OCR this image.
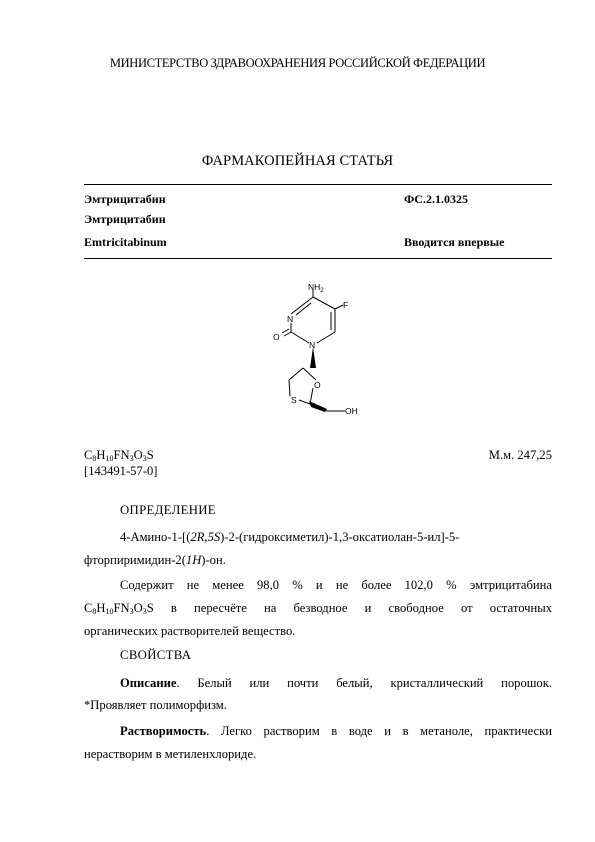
МИНИСТЕРСТВО ЗДРАВООХРАНЕНИЯ РОССИЙСКОЙ ФЕДЕРАЦИИ
ФАРМАКОПЕЙНАЯ СТАТЬЯ
Эмтрицитабин	ФС.2.1.0325
Эмтрицитабин
Emtricitabinum	Вводится впервые
$NH_2$
F
N
N
O
O
S
OH
$C_8H_{10}FN_3O_3S$	М.м. 247,25
[143491-57-0]
ОПРЕДЕЛЕНИЕ
4-Амино-1-[(2R,5S)-2-(гидроксиметил)-1,3-оксатиолан-5-ил]-5-
фторпиримидин-2(1H)-он.
Содержит не менее 98,0 % и не более 102,0 % эмтрицитабина
$C_8H_{10}FN_3O_3S$ в пересчёте на безводное и свободное от остаточных
органических растворителей вещество.
СВОЙСТВА
Описание. Белый или почти белый, кристаллический порошок.
*Проявляет полиморфизм.
Растворимость. Легко растворим в воде и в метаноле, практически
нерастворим в метиленхлориде.
